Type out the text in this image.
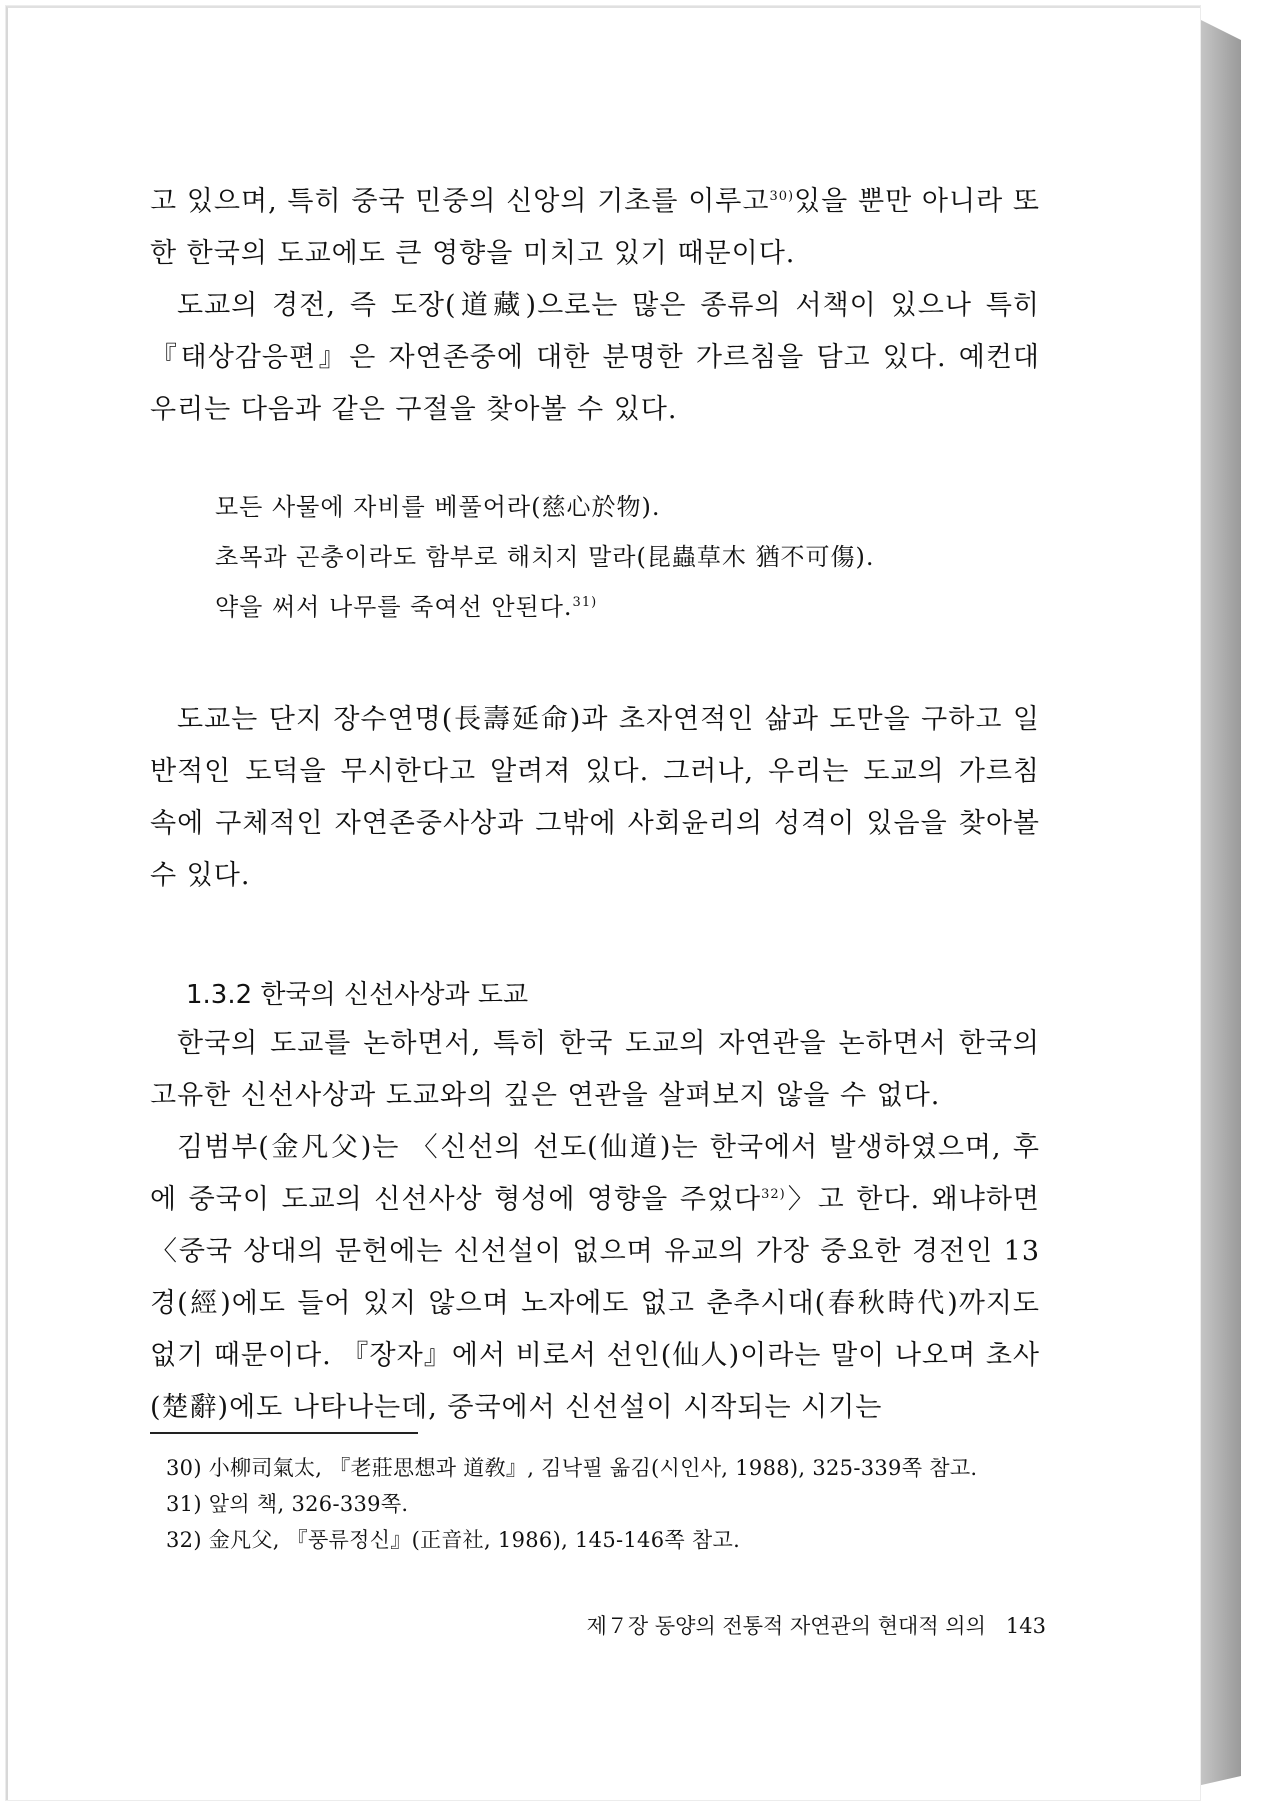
고 있으며, 특히 중국 민중의 신앙의 기초를 이루고$^{30)}$있을 뿐만 아니라 또한 한국의 도교에도 큰 영향을 미치고 있기 때문이다.

도교의 경전, 즉 도장(道藏)으로는 많은 종류의 서책이 있으나 특히 『태상감응편』은 자연존중에 대한 분명한 가르침을 담고 있다. 예컨대 우리는 다음과 같은 구절을 찾아볼 수 있다.

모든 사물에 자비를 베풀어라(慈心於物).

초목과 곤충이라도 함부로 해치지 말라(昆蟲草木 猶不可傷).

약을 써서 나무를 죽여선 안된다.$^{31)}$

도교는 단지 장수연명(長壽延命)과 초자연적인 삶과 도만을 구하고 일반적인 도덕을 무시한다고 알려져 있다. 그러나, 우리는 도교의 가르침 속에 구체적인 자연존중사상과 그밖에 사회윤리의 성격이 있음을 찾아볼 수 있다.

1.3.2 한국의 신선사상과 도교

한국의 도교를 논하면서, 특히 한국 도교의 자연관을 논하면서 한국의 고유한 신선사상과 도교와의 깊은 연관을 살펴보지 않을 수 없다.

김범부(金凡父)는 〈신선의 선도(仙道)는 한국에서 발생하였으며, 후에 중국이 도교의 신선사상 형성에 영향을 주었다$^{32)}$〉고 한다. 왜냐하면 〈중국 상대의 문헌에는 신선설이 없으며 유교의 가장 중요한 경전인 13경(經)에도 들어 있지 않으며 노자에도 없고 춘추시대(春秋時代)까지도 없기 때문이다. 『장자』에서 비로서 선인(仙人)이라는 말이 나오며 초사(楚辭)에도 나타나는데, 중국에서 신선설이 시작되는 시기는

30) 小柳司氣太, 『老莊思想과 道敎』, 김낙필 옮김(시인사, 1988), 325-339쪽 참고.

31) 앞의 책, 326-339쪽.

32) 金凡父, 『풍류정신』(正音社, 1986), 145-146쪽 참고.

제７장 동양의 전통적 자연관의 현대적 의의 143
